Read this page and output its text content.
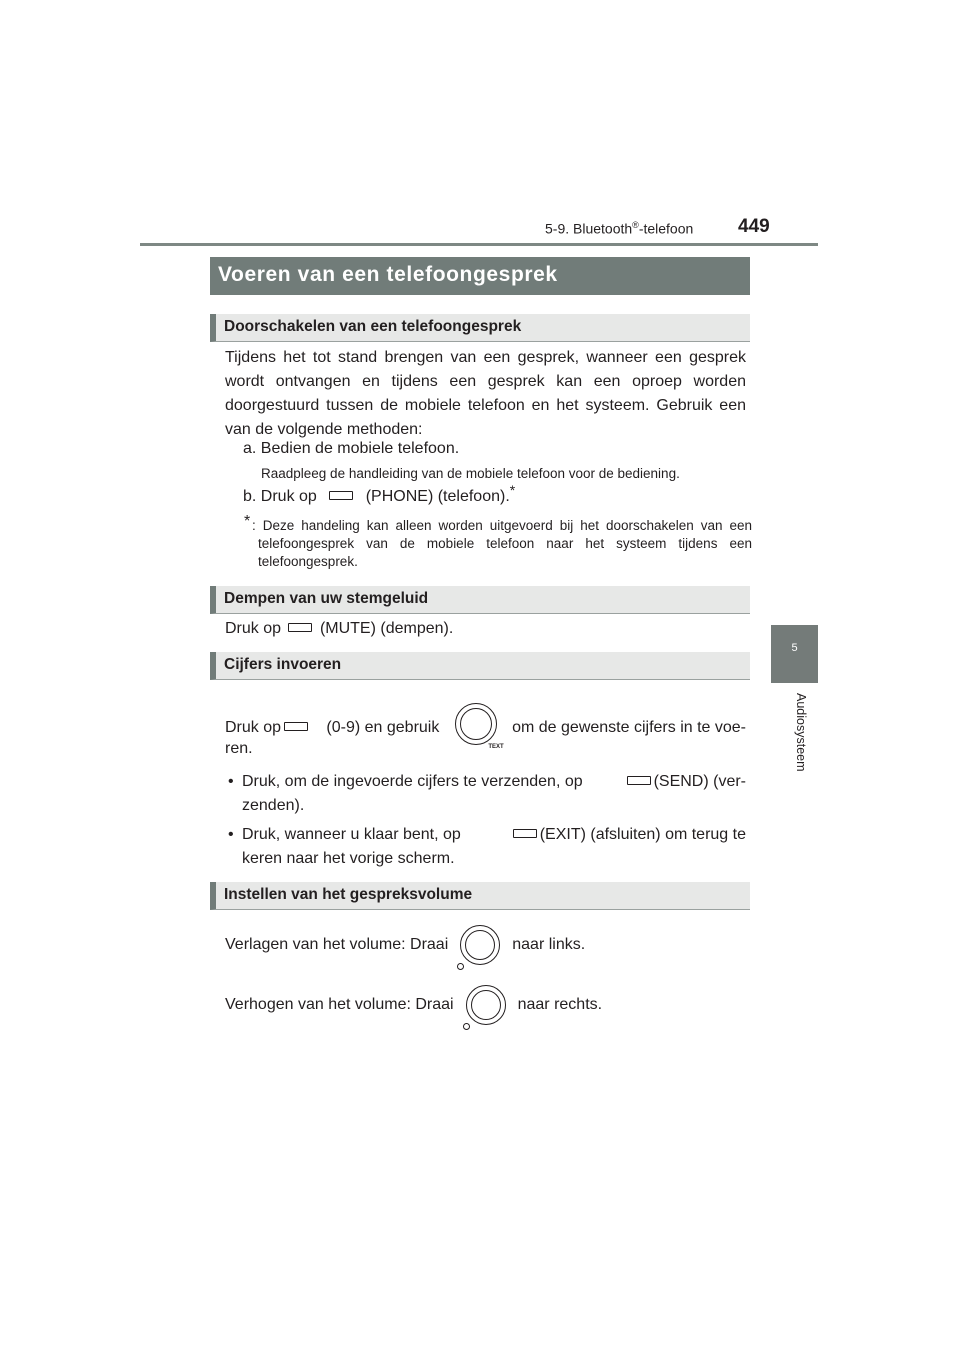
5-9. Bluetooth®-telefoon 449
5
Audiosysteem
Voeren van een telefoongesprek
Doorschakelen van een telefoongesprek
Tijdens het tot stand brengen van een gesprek, wanneer een gesprek wordt ontvangen en tijdens een gesprek kan een oproep worden doorgestuurd tussen de mobiele telefoon en het systeem. Gebruik een van de volgende methoden:
a. Bedien de mobiele telefoon.
Raadpleeg de handleiding van de mobiele telefoon voor de bediening.
b. Druk op	(PHONE) (telefoon).*
* : Deze handeling kan alleen worden uitgevoerd bij het doorschakelen van een telefoongesprek van de mobiele telefoon naar het systeem tijdens een telefoongesprek.
Dempen van uw stemgeluid
Druk op (MUTE) (dempen).
Cijfers invoeren
Druk op	(0-9) en gebruik
TEXT
om de gewenste cijfers in te voe-
ren.
• Druk, om de ingevoerde cijfers te verzenden, op	(SEND) (ver-
zenden).
• Druk, wanneer u klaar bent, op	(EXIT) (afsluiten) om terug te
keren naar het vorige scherm.
Instellen van het gespreksvolume
Verlagen van het volume: Draai	naar links.
Verhogen van het volume: Draai	naar rechts.
